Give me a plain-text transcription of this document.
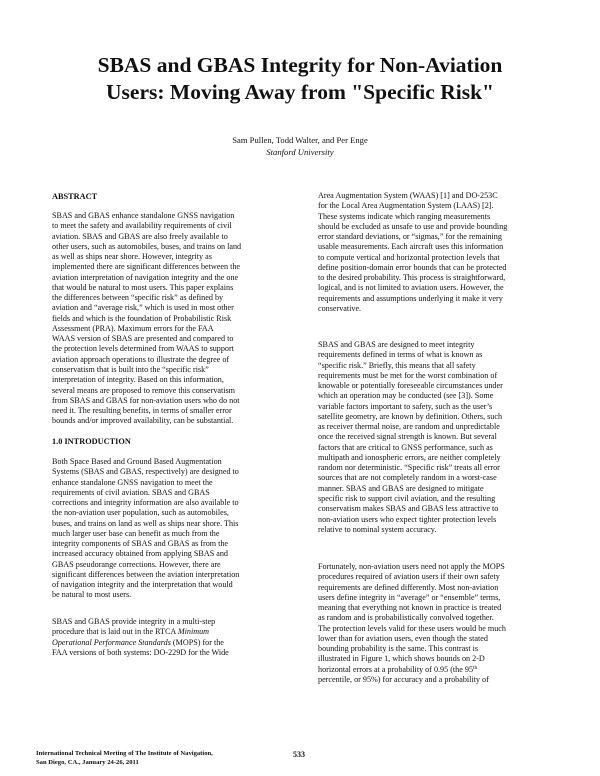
SBAS and GBAS Integrity for Non-Aviation
Users: Moving Away from "Specific Risk"
Sam Pullen, Todd Walter, and Per Enge
Stanford University
ABSTRACT
SBAS and GBAS enhance standalone GNSS navigation
to meet the safety and availability requirements of civil
aviation. SBAS and GBAS are also freely available to
other users, such as automobiles, buses, and trains on land
as well as ships near shore. However, integrity as
implemented there are significant differences between the
aviation interpretation of navigation integrity and the one
that would be natural to most users. This paper explains
the differences between “specific risk” as defined by
aviation and “average risk,” which is used in most other
fields and which is the foundation of Probabilistic Risk
Assessment (PRA). Maximum errors for the FAA
WAAS version of SBAS are presented and compared to
the protection levels determined from WAAS to support
aviation approach operations to illustrate the degree of
conservatism that is built into the “specific risk”
interpretation of integrity. Based on this information,
several means are proposed to remove this conservatism
from SBAS and GBAS for non-aviation users who do not
need it. The resulting benefits, in terms of smaller error
bounds and/or improved availability, can be substantial.
1.0 INTRODUCTION
Both Space Based and Ground Based Augmentation
Systems (SBAS and GBAS, respectively) are designed to
enhance standalone GNSS navigation to meet the
requirements of civil aviation. SBAS and GBAS
corrections and integrity information are also available to
the non-aviation user population, such as automobiles,
buses, and trains on land as well as ships near shore. This
much larger user base can benefit as much from the
integrity components of SBAS and GBAS as from the
increased accuracy obtained from applying SBAS and
GBAS pseudorange corrections. However, there are
significant differences between the aviation interpretation
of navigation integrity and the interpretation that would
be natural to most users.
SBAS and GBAS provide integrity in a multi-step
procedure that is laid out in the RTCA Minimum
Operational Performance Standards (MOPS) for the
FAA versions of both systems: DO-229D for the Wide
Area Augmentation System (WAAS) [1] and DO-253C
for the Local Area Augmentation System (LAAS) [2].
These systems indicate which ranging measurements
should be excluded as unsafe to use and provide bounding
error standard deviations, or “sigmas,” for the remaining
usable measurements. Each aircraft uses this information
to compute vertical and horizontal protection levels that
define position-domain error bounds that can be protected
to the desired probability. This process is straightforward,
logical, and is not limited to aviation users. However, the
requirements and assumptions underlying it make it very
conservative.
SBAS and GBAS are designed to meet integrity
requirements defined in terms of what is known as
“specific risk.” Briefly, this means that all safety
requirements must be met for the worst combination of
knowable or potentially foreseeable circumstances under
which an operation may be conducted (see [3]). Some
variable factors important to safety, such as the user’s
satellite geometry, are known by definition. Others, such
as receiver thermal noise, are random and unpredictable
once the received signal strength is known. But several
factors that are critical to GNSS performance, such as
multipath and ionospheric errors, are neither completely
random nor deterministic. “Specific risk” treats all error
sources that are not completely random in a worst-case
manner. SBAS and GBAS are designed to mitigate
specific risk to support civil aviation, and the resulting
conservatism makes SBAS and GBAS less attractive to
non-aviation users who expect tighter protection levels
relative to nominal system accuracy.
Fortunately, non-aviation users need not apply the MOPS
procedures required of aviation users if their own safety
requirements are defined differently. Most non-aviation
users define integrity in “average” or “ensemble” terms,
meaning that everything not known in practice is treated
as random and is probabilistically convolved together.
The protection levels valid for these users would be much
lower than for aviation users, even though the stated
bounding probability is the same. This contrast is
illustrated in Figure 1, which shows bounds on 2-D
horizontal errors at a probability of 0.95 (the 95th
percentile, or 95%) for accuracy and a probability of
International Technical Meeting of The Institute of Navigation,
San Diego, CA., January 24-26, 2011
533
